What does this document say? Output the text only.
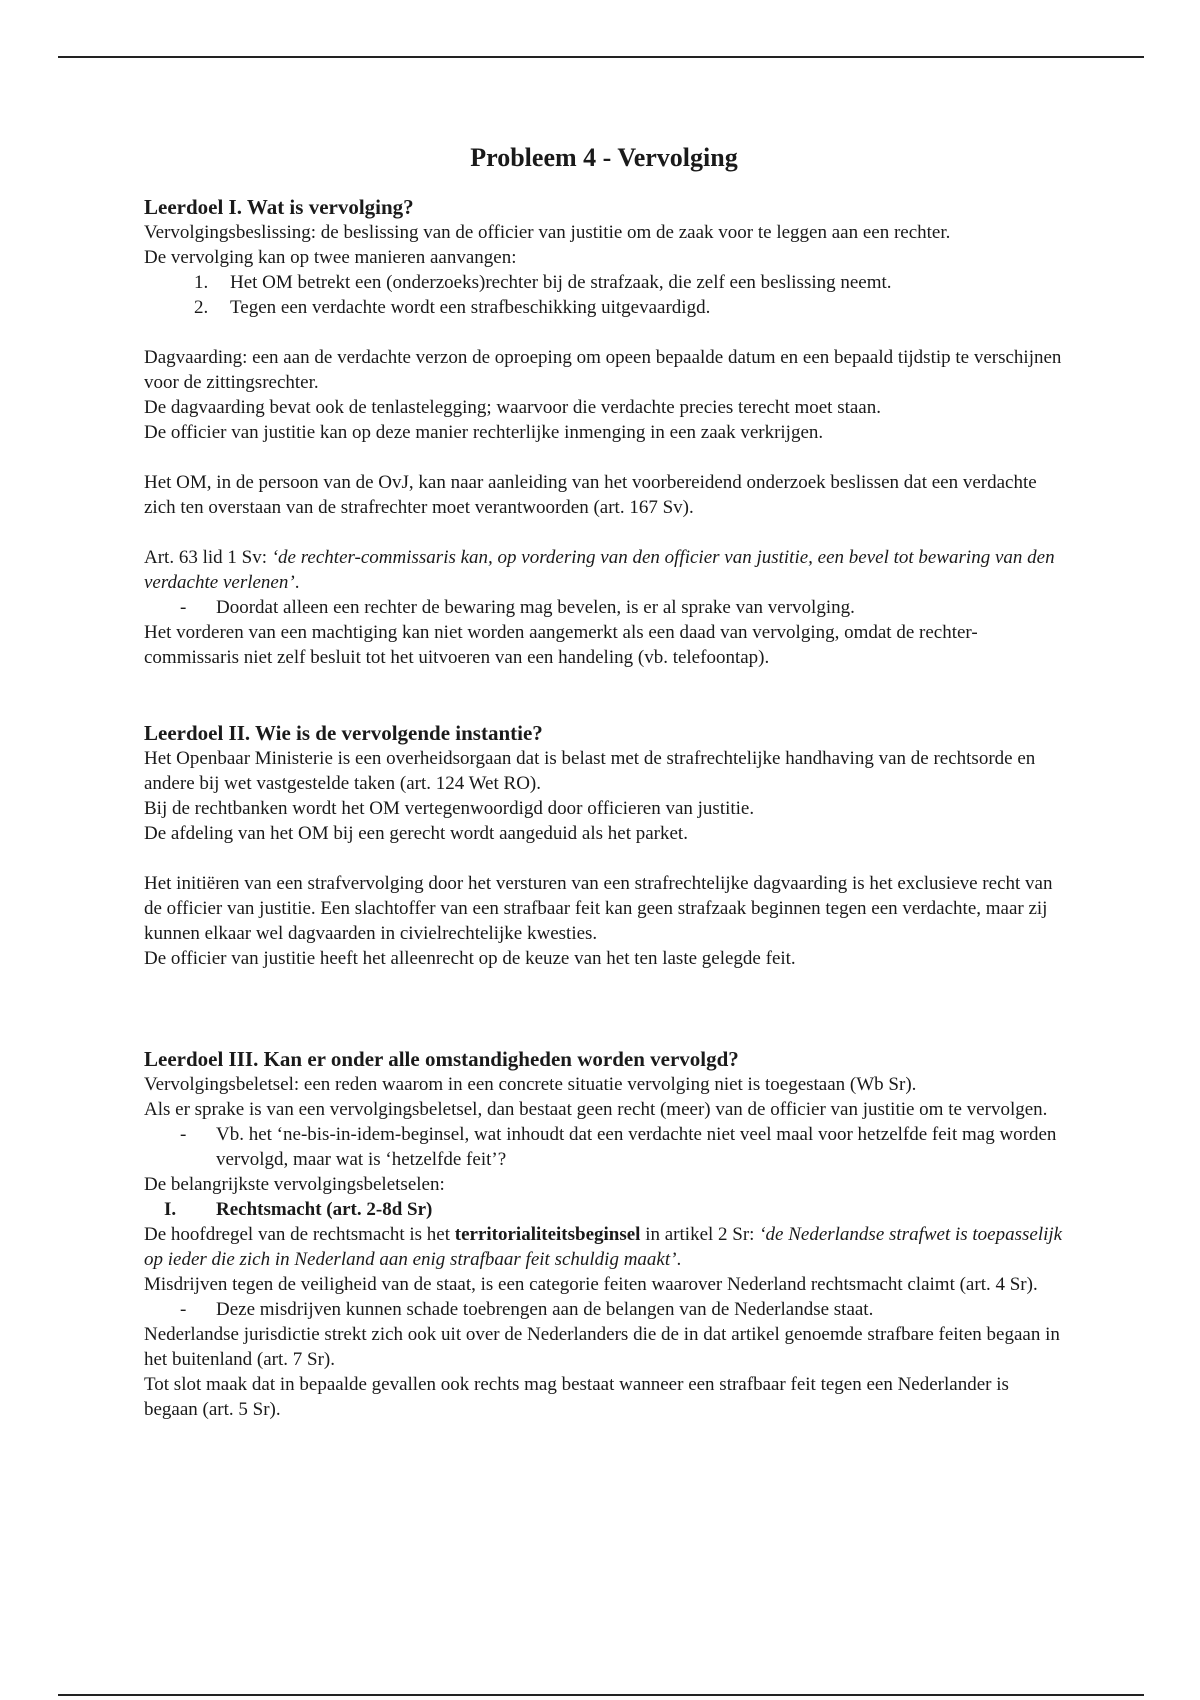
Probleem 4 - Vervolging
Leerdoel I. Wat is vervolging?

Vervolgingsbeslissing: de beslissing van de officier van justitie om de zaak voor te leggen aan een rechter.

De vervolging kan op twee manieren aanvangen:

1. Het OM betrekt een (onderzoeks)rechter bij de strafzaak, die zelf een beslissing neemt.
2. Tegen een verdachte wordt een strafbeschikking uitgevaardigd.

Dagvaarding: een aan de verdachte verzon de oproeping om opeen bepaalde datum en een bepaald tijdstip te verschijnen voor de zittingsrechter.

De dagvaarding bevat ook de tenlastelegging; waarvoor die verdachte precies terecht moet staan.

De officier van justitie kan op deze manier rechterlijke inmenging in een zaak verkrijgen.

Het OM, in de persoon van de OvJ, kan naar aanleiding van het voorbereidend onderzoek beslissen dat een verdachte zich ten overstaan van de strafrechter moet verantwoorden (art. 167 Sv).

Art. 63 lid 1 Sv: ‘de rechter-commissaris kan, op vordering van den officier van justitie, een bevel tot bewaring van den verdachte verlenen’.

- Doordat alleen een rechter de bewaring mag bevelen, is er al sprake van vervolging.

Het vorderen van een machtiging kan niet worden aangemerkt als een daad van vervolging, omdat de rechter-commissaris niet zelf besluit tot het uitvoeren van een handeling (vb. telefoontap).

Leerdoel II. Wie is de vervolgende instantie?

Het Openbaar Ministerie is een overheidsorgaan dat is belast met de strafrechtelijke handhaving van de rechtsorde en andere bij wet vastgestelde taken (art. 124 Wet RO).

Bij de rechtbanken wordt het OM vertegenwoordigd door officieren van justitie.

De afdeling van het OM bij een gerecht wordt aangeduid als het parket.

Het initiëren van een strafvervolging door het versturen van een strafrechtelijke dagvaarding is het exclusieve recht van de officier van justitie. Een slachtoffer van een strafbaar feit kan geen strafzaak beginnen tegen een verdachte, maar zij kunnen elkaar wel dagvaarden in civielrechtelijke kwesties.

De officier van justitie heeft het alleenrecht op de keuze van het ten laste gelegde feit.

Leerdoel III. Kan er onder alle omstandigheden worden vervolgd?

Vervolgingsbeletsel: een reden waarom in een concrete situatie vervolging niet is toegestaan (Wb Sr).

Als er sprake is van een vervolgingsbeletsel, dan bestaat geen recht (meer) van de officier van justitie om te vervolgen.

- Vb. het ‘ne-bis-in-idem-beginsel, wat inhoudt dat een verdachte niet veel maal voor hetzelfde feit mag worden vervolgd, maar wat is ‘hetzelfde feit’?

De belangrijkste vervolgingsbeletselen:

I. Rechtsmacht (art. 2-8d Sr)

De hoofdregel van de rechtsmacht is het territorialiteitsbeginsel in artikel 2 Sr: ‘de Nederlandse strafwet is toepasselijk op ieder die zich in Nederland aan enig strafbaar feit schuldig maakt’.

Misdrijven tegen de veiligheid van de staat, is een categorie feiten waarover Nederland rechtsmacht claimt (art. 4 Sr).

- Deze misdrijven kunnen schade toebrengen aan de belangen van de Nederlandse staat.

Nederlandse jurisdictie strekt zich ook uit over de Nederlanders die de in dat artikel genoemde strafbare feiten begaan in het buitenland (art. 7 Sr).

Tot slot maak dat in bepaalde gevallen ook rechts mag bestaat wanneer een strafbaar feit tegen een Nederlander is begaan (art. 5 Sr).
